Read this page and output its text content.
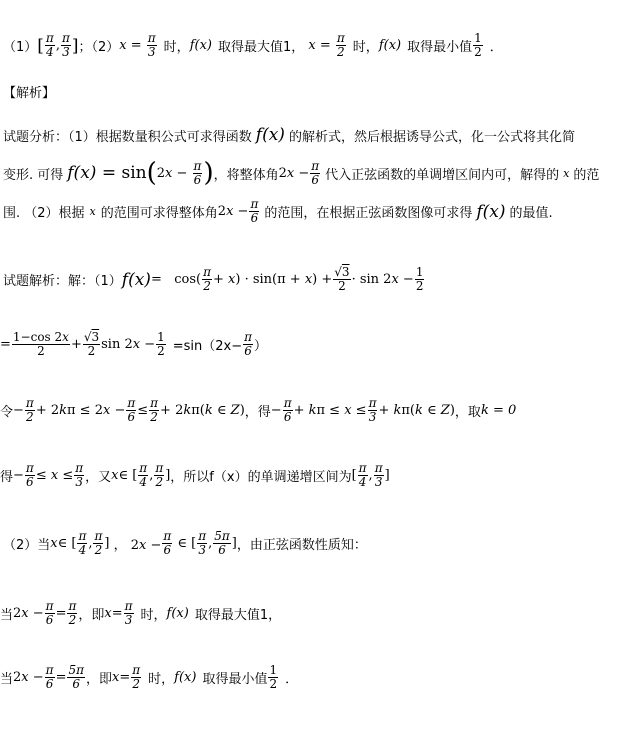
（1） [ $\frac{\pi}{4}$ , $\frac{\pi}{3}$ ] ；（2） $x = \frac{\pi}{3}$ 时， f(x) 取得最大值1， $x = \frac{\pi}{2}$ 时， f(x) 取得最小值 $\frac{1}{2}$ ．
【解析】
试题分析：（1）根据数量积公式可求得函数 f(x) 的解析式，然后根据诱导公式，化一公式将其化简
变形. 可得 f(x) = sin ( $2x - \frac{\pi}{6}$ ) ，将整体角 $2x - \frac{\pi}{6}$ 代入正弦函数的单调增区间内可，解得的 x 的范
围. （2）根据 x 的范围可求得整体角 $2x - \frac{\pi}{6}$ 的范围，在根据正弦函数图像可求得 f(x) 的最值.
试题解析：解：（1） $f(x) = \cos( \frac{\pi}{2} + x) \cdot \sin(\pi + x) + \frac{√3}{2} \cdot \sin 2x - \frac{1}{2}$
= $\frac{1-\cos 2x}{2} + \frac{√3}{2}$ $\sin 2x - \frac{1}{2} =\sin(2x- \frac{\pi}{6}$ ）
令 − $\frac{\pi}{2} + 2k\pi \le 2x - \frac{\pi}{6} \le \frac{\pi}{2} + 2k\pi(k$ ∈ Z) ，得 − $\frac{\pi}{6} + k\pi \le x \le \frac{\pi}{3} + k\pi(k$ ∈ Z) ，取 k = 0
得 − $\frac{\pi}{6} \le x \le \frac{\pi}{3}$ ，又 x ∈ [ $\frac{\pi}{4}$ , $\frac{\pi}{2}$ ] ，所以f（x）的单调递增区间为 [ $\frac{\pi}{4}$ , $\frac{\pi}{3}$ ]
（2）当 x ∈ [ $\frac{\pi}{4}$ , $\frac{\pi}{2}$ ] ， $2x - \frac{\pi}{6}$ ∈ [ $\frac{\pi}{3}$ , $\frac{5\pi}{6}$ ] ，由正弦函数性质知：
当 $2x - \frac{\pi}{6} = \frac{\pi}{2}$ ，即 $x = \frac{\pi}{3}$ 时， f(x) 取得最大值1，
当 $2x - \frac{\pi}{6} = \frac{5\pi}{6}$ ，即 $x = \frac{\pi}{2}$ 时， f(x) 取得最小值 $\frac{1}{2}$ ．
